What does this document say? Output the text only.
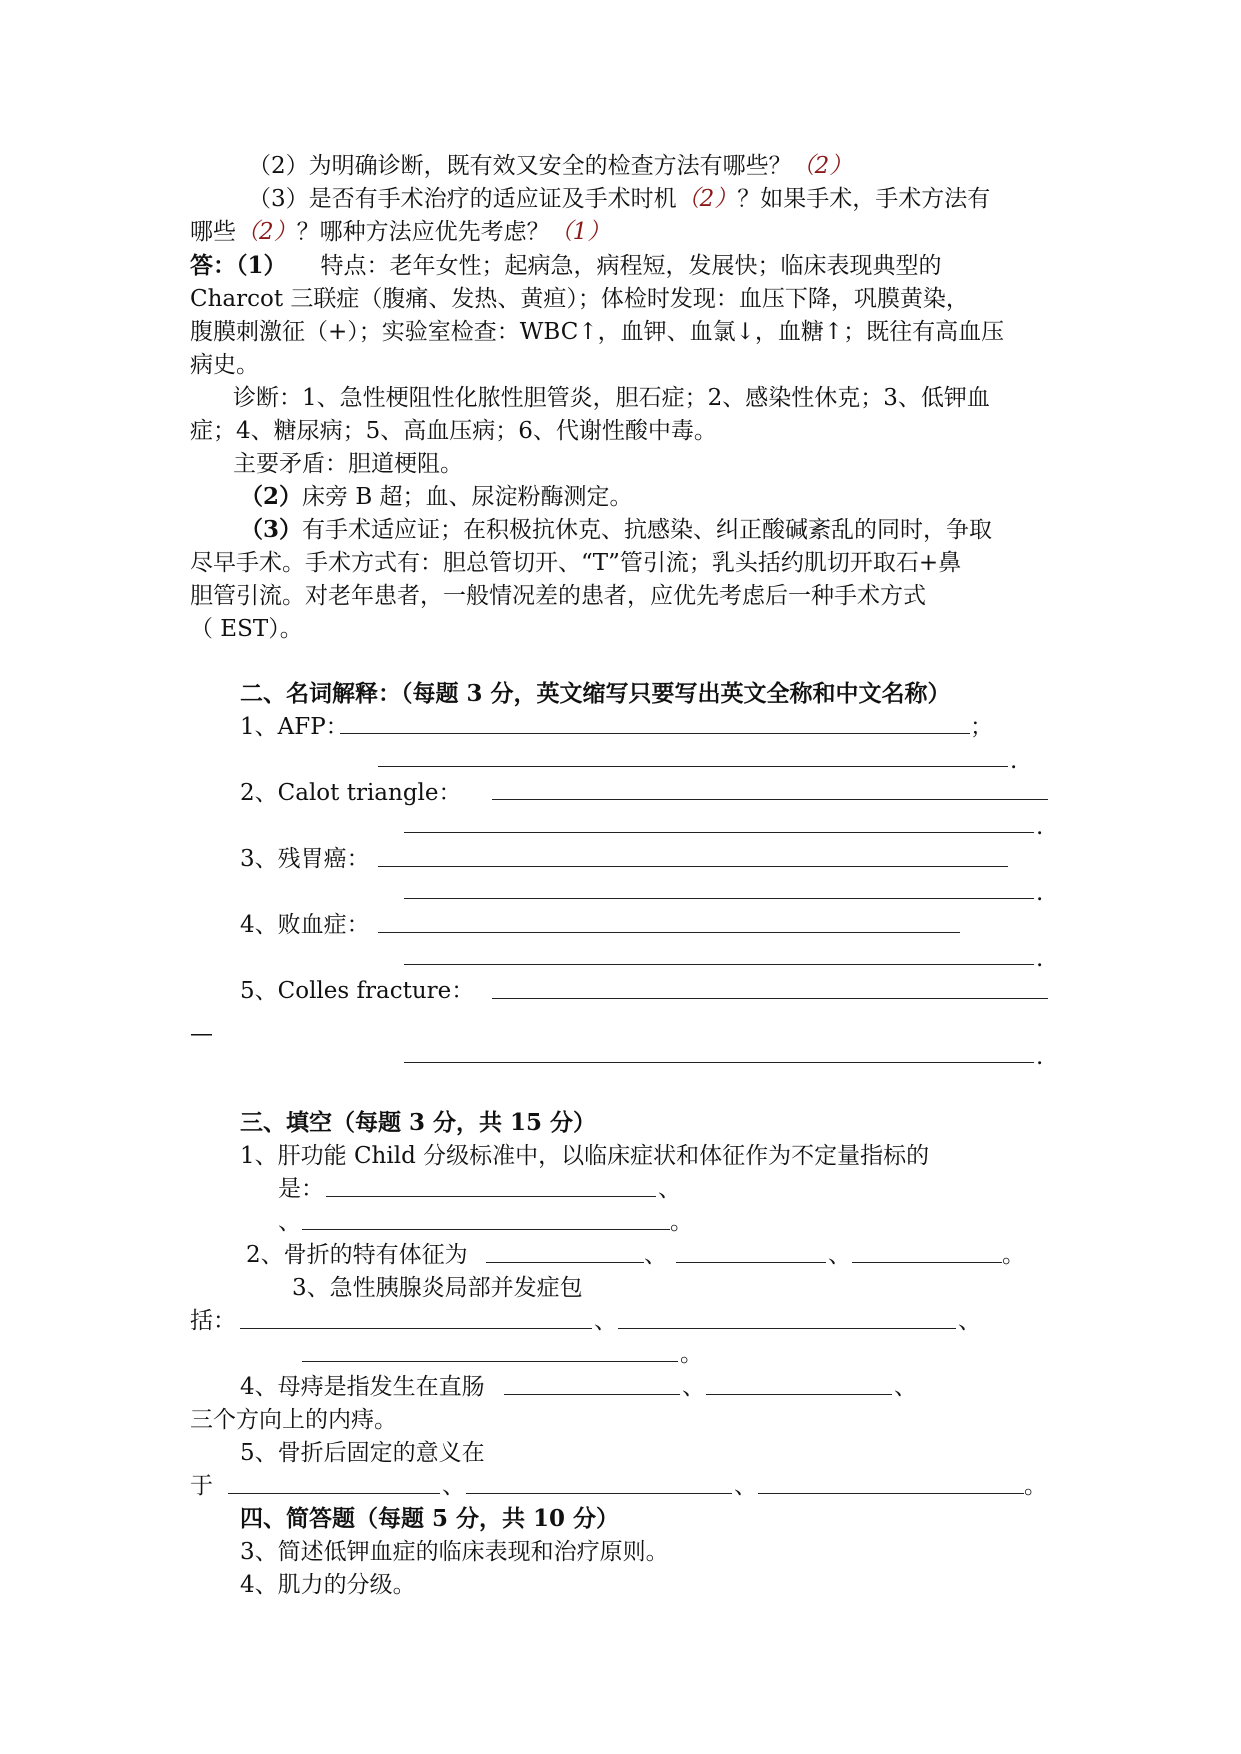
（2）为明确诊断，既有效又安全的检查方法有哪些？（2）
（3）是否有手术治疗的适应证及手术时机（2）？如果手术，手术方法有
哪些（2）？哪种方法应优先考虑？（1）
答：（1） 特点：老年女性；起病急，病程短，发展快；临床表现典型的
Charcot 三联症（腹痛、发热、黄疸）；体检时发现：血压下降，巩膜黄染，
腹膜刺激征（+）；实验室检查：WBC↑，血钾、血氯↓，血糖↑；既往有高血压
病史。
诊断：1、急性梗阻性化脓性胆管炎，胆石症；2、感染性休克；3、低钾血
症；4、糖尿病；5、高血压病；6、代谢性酸中毒。
主要矛盾：胆道梗阻。
（2）床旁 B 超；血、尿淀粉酶测定。
（3）有手术适应证；在积极抗休克、抗感染、纠正酸碱紊乱的同时，争取
尽早手术。手术方式有：胆总管切开、“T”管引流；乳头括约肌切开取石+鼻
胆管引流。对老年患者，一般情况差的患者，应优先考虑后一种手术方式
（ EST）。
二、名词解释：（每题 3 分，英文缩写只要写出英文全称和中文名称）
1、AFP：	；
.
2、Calot triangle：
.
3、残胃癌：
.
4、败血症：
.
5、Colles fracture：
—
.
三、填空（每题 3 分，共 15 分）
1、肝功能 Child 分级标准中，以临床症状和体征作为不定量指标的
是：	、
、	。
2、骨折的特有体征为	、	、	。
3、急性胰腺炎局部并发症包
括：	、	、
。
4、母痔是指发生在直肠	、	、
三个方向上的内痔。
5、骨折后固定的意义在
于	、	、	。
四、简答题（每题 5 分，共 10 分）
3、简述低钾血症的临床表现和治疗原则。
4、肌力的分级。
